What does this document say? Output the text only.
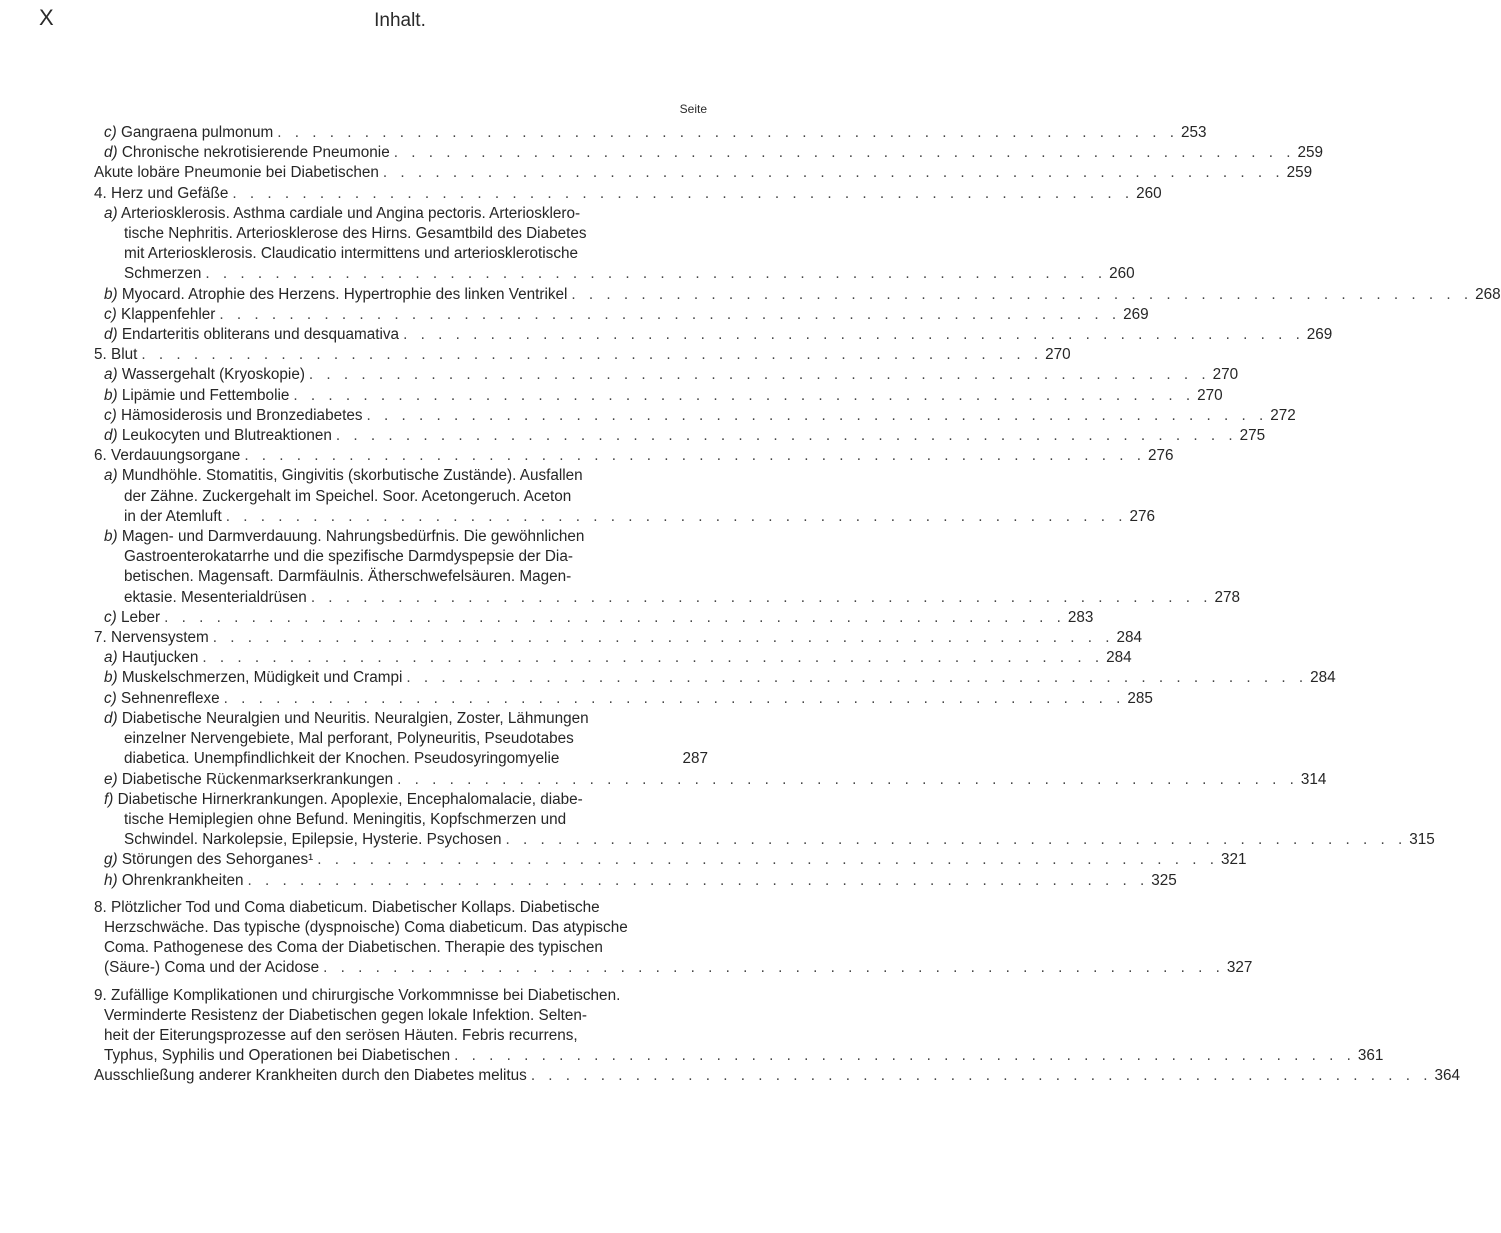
X	Inhalt.
Seite
c) Gangraena pulmonum . . . . . . . . . . . . . . . . . . . . . . . . . . . . . . . . . . . . . . . . . . . . . . . . . . . . 253
d) Chronische nekrotisierende Pneumonie . . . . . . . . . . . . . . . . . . . . . . . . . . . . . . . . . . . . . . . . . . . . . . . . . . . . 259
Akute lobäre Pneumonie bei Diabetischen . . . . . . . . . . . . . . . . . . . . . . . . . . . . . . . . . . . . . . . . . . . . . . . . . . . . 259
4. Herz und Gefäße . . . . . . . . . . . . . . . . . . . . . . . . . . . . . . . . . . . . . . . . . . . . . . . . . . . . 260
a) Arteriosklerosis. Asthma cardiale und Angina pectoris. Arteriosklero-
tische Nephritis. Arteriosklerose des Hirns. Gesamtbild des Diabetes
mit Arteriosklerosis. Claudicatio intermittens und arteriosklerotische
Schmerzen . . . . . . . . . . . . . . . . . . . . . . . . . . . . . . . . . . . . . . . . . . . . . . . . . . . . 260
b) Myocard. Atrophie des Herzens. Hypertrophie des linken Ventrikel . . . . . . . . . . . . . . . . . . . . . . . . . . . . . . . . . . . . . . . . . . . . . . . . . . . . 268
c) Klappenfehler . . . . . . . . . . . . . . . . . . . . . . . . . . . . . . . . . . . . . . . . . . . . . . . . . . . . 269
d) Endarteritis obliterans und desquamativa . . . . . . . . . . . . . . . . . . . . . . . . . . . . . . . . . . . . . . . . . . . . . . . . . . . . 269
5. Blut . . . . . . . . . . . . . . . . . . . . . . . . . . . . . . . . . . . . . . . . . . . . . . . . . . . . 270
a) Wassergehalt (Kryoskopie) . . . . . . . . . . . . . . . . . . . . . . . . . . . . . . . . . . . . . . . . . . . . . . . . . . . . 270
b) Lipämie und Fettembolie . . . . . . . . . . . . . . . . . . . . . . . . . . . . . . . . . . . . . . . . . . . . . . . . . . . . 270
c) Hämosiderosis und Bronzediabetes . . . . . . . . . . . . . . . . . . . . . . . . . . . . . . . . . . . . . . . . . . . . . . . . . . . . 272
d) Leukocyten und Blutreaktionen . . . . . . . . . . . . . . . . . . . . . . . . . . . . . . . . . . . . . . . . . . . . . . . . . . . . 275
6. Verdauungsorgane . . . . . . . . . . . . . . . . . . . . . . . . . . . . . . . . . . . . . . . . . . . . . . . . . . . . 276
a) Mundhöhle. Stomatitis, Gingivitis (skorbutische Zustände). Ausfallen
der Zähne. Zuckergehalt im Speichel. Soor. Acetongeruch. Aceton
in der Atemluft . . . . . . . . . . . . . . . . . . . . . . . . . . . . . . . . . . . . . . . . . . . . . . . . . . . . 276
b) Magen- und Darmverdauung. Nahrungsbedürfnis. Die gewöhnlichen
Gastroenterokatarrhe und die spezifische Darmdyspepsie der Dia-
betischen. Magensaft. Darmfäulnis. Ätherschwefelsäuren. Magen-
ektasie. Mesenterialdrüsen . . . . . . . . . . . . . . . . . . . . . . . . . . . . . . . . . . . . . . . . . . . . . . . . . . . . 278
c) Leber . . . . . . . . . . . . . . . . . . . . . . . . . . . . . . . . . . . . . . . . . . . . . . . . . . . . 283
7. Nervensystem . . . . . . . . . . . . . . . . . . . . . . . . . . . . . . . . . . . . . . . . . . . . . . . . . . . . 284
a) Hautjucken . . . . . . . . . . . . . . . . . . . . . . . . . . . . . . . . . . . . . . . . . . . . . . . . . . . . 284
b) Muskelschmerzen, Müdigkeit und Crampi . . . . . . . . . . . . . . . . . . . . . . . . . . . . . . . . . . . . . . . . . . . . . . . . . . . . 284
c) Sehnenreflexe . . . . . . . . . . . . . . . . . . . . . . . . . . . . . . . . . . . . . . . . . . . . . . . . . . . . 285
d) Diabetische Neuralgien und Neuritis. Neuralgien, Zoster, Lähmungen
einzelner Nervengebiete, Mal perforant, Polyneuritis, Pseudotabes
diabetica. Unempfindlichkeit der Knochen. Pseudosyringomyelie	287
e) Diabetische Rückenmarkserkrankungen . . . . . . . . . . . . . . . . . . . . . . . . . . . . . . . . . . . . . . . . . . . . . . . . . . . . 314
f) Diabetische Hirnerkrankungen. Apoplexie, Encephalomalacie, diabe-
tische Hemiplegien ohne Befund. Meningitis, Kopfschmerzen und
Schwindel. Narkolepsie, Epilepsie, Hysterie. Psychosen . . . . . . . . . . . . . . . . . . . . . . . . . . . . . . . . . . . . . . . . . . . . . . . . . . . . 315
g) Störungen des Sehorganes¹ . . . . . . . . . . . . . . . . . . . . . . . . . . . . . . . . . . . . . . . . . . . . . . . . . . . . 321
h) Ohrenkrankheiten . . . . . . . . . . . . . . . . . . . . . . . . . . . . . . . . . . . . . . . . . . . . . . . . . . . . 325
8. Plötzlicher Tod und Coma diabeticum. Diabetischer Kollaps. Diabetische
Herzschwäche. Das typische (dyspnoische) Coma diabeticum. Das atypische
Coma. Pathogenese des Coma der Diabetischen. Therapie des typischen
(Säure-) Coma und der Acidose . . . . . . . . . . . . . . . . . . . . . . . . . . . . . . . . . . . . . . . . . . . . . . . . . . . . 327
9. Zufällige Komplikationen und chirurgische Vorkommnisse bei Diabetischen.
Verminderte Resistenz der Diabetischen gegen lokale Infektion. Selten-
heit der Eiterungsprozesse auf den serösen Häuten. Febris recurrens,
Typhus, Syphilis und Operationen bei Diabetischen . . . . . . . . . . . . . . . . . . . . . . . . . . . . . . . . . . . . . . . . . . . . . . . . . . . . 361
Ausschließung anderer Krankheiten durch den Diabetes melitus . . . . . . . . . . . . . . . . . . . . . . . . . . . . . . . . . . . . . . . . . . . . . . . . . . . . 364
